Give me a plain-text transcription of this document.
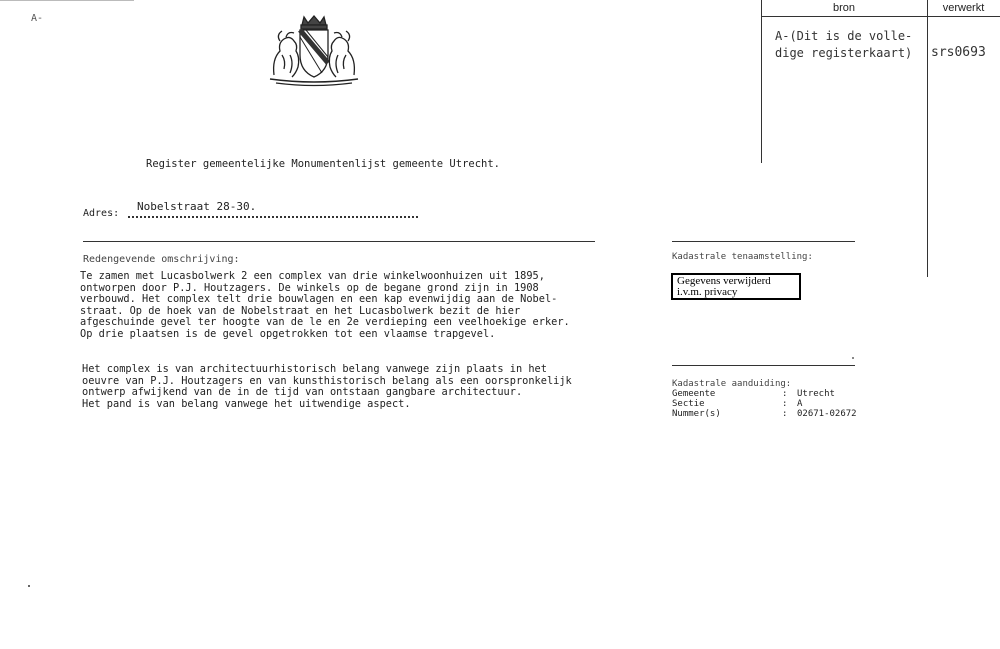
A-
bron	verwerkt
A-(Dit is de volle-
dige registerkaart) srs0693
Register gemeentelijke Monumentenlijst gemeente Utrecht.
Adres:
Nobelstraat 28-30.
Redengevende omschrijving:
Te zamen met Lucasbolwerk 2 een complex van drie winkelwoonhuizen uit 1895,
ontworpen door P.J. Houtzagers. De winkels op de begane grond zijn in 1908
verbouwd. Het complex telt drie bouwlagen en een kap evenwijdig aan de Nobel-
straat. Op de hoek van de Nobelstraat en het Lucasbolwerk bezit de hier
afgeschuinde gevel ter hoogte van de le en 2e verdieping een veelhoekige erker.
Op drie plaatsen is de gevel opgetrokken tot een vlaamse trapgevel.
Het complex is van architectuurhistorisch belang vanwege zijn plaats in het
oeuvre van P.J. Houtzagers en van kunsthistorisch belang als een oorspronkelijk
ontwerp afwijkend van de in de tijd van ontstaan gangbare architectuur.
Het pand is van belang vanwege het uitwendige aspect.
Kadastrale tenaamstelling:
Gegevens verwijderd i.v.m. privacy
Kadastrale aanduiding:
Gemeente	: Utrecht
Sectie	: A
Nummer(s)	: 02671-02672
